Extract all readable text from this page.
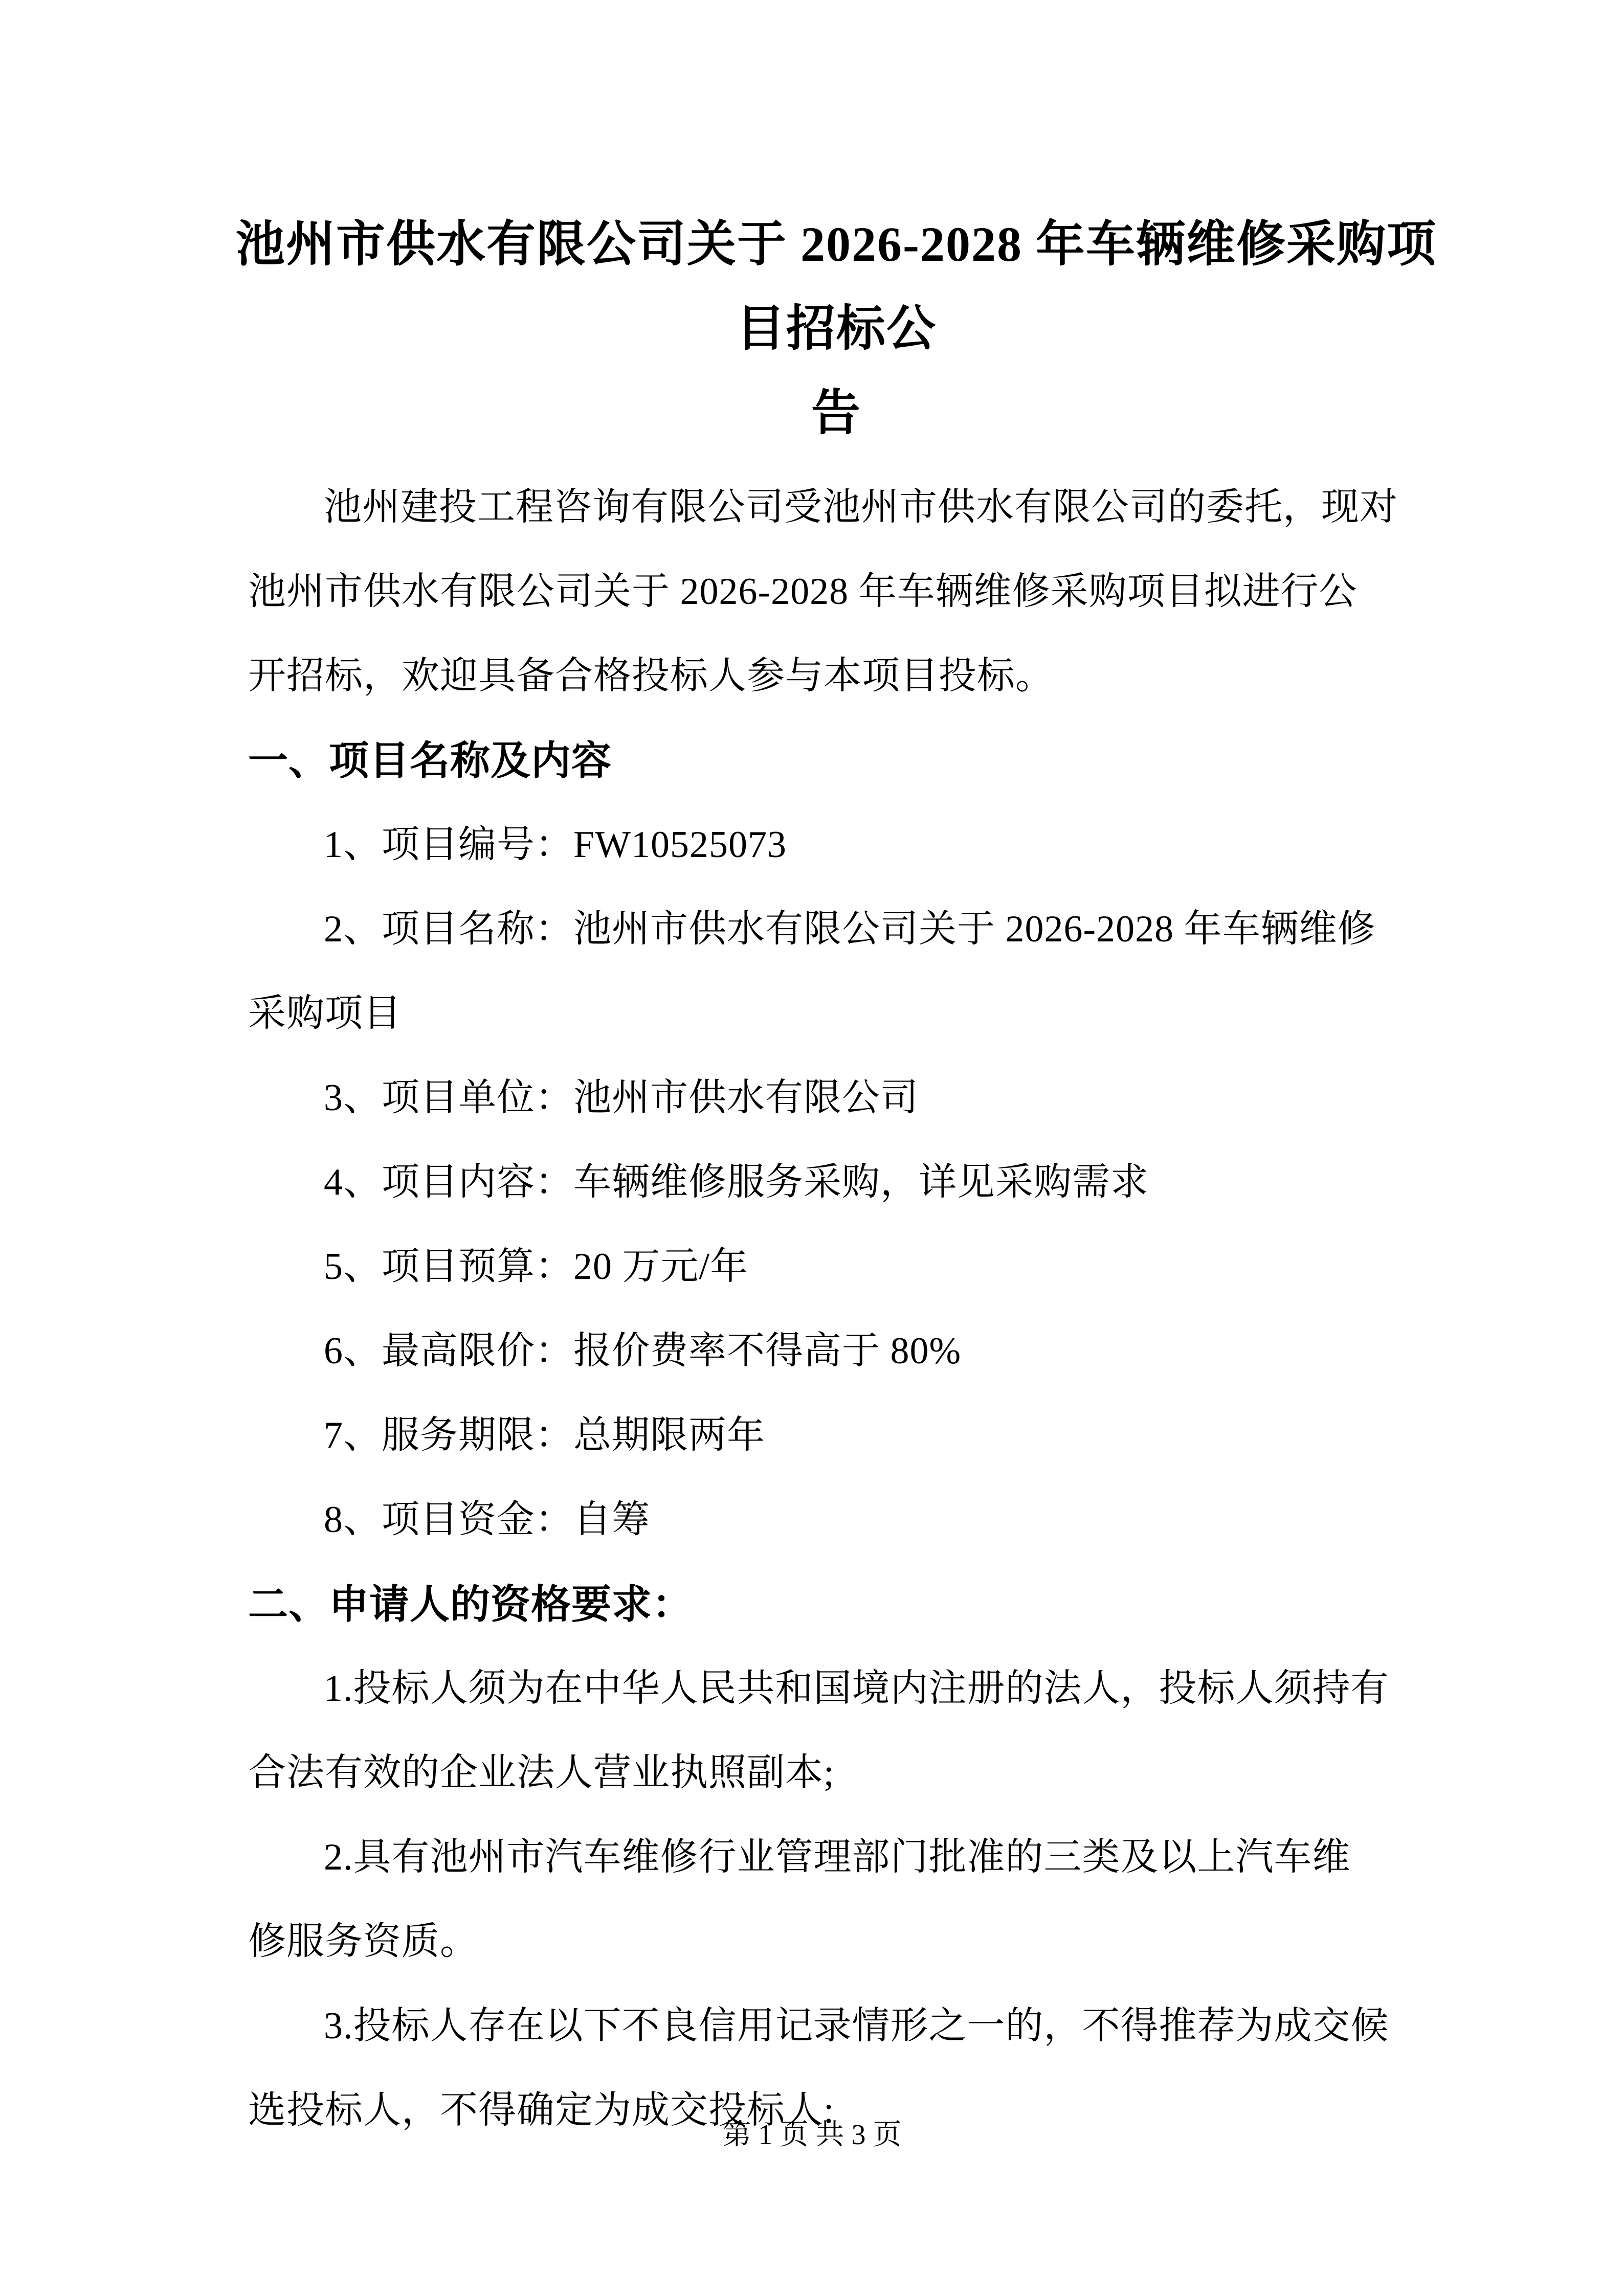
池州市供水有限公司关于 2026-2028 年车辆维修采购项目招标公
告
池州建投工程咨询有限公司受池州市供水有限公司的委托，现对
池州市供水有限公司关于 2026-2028 年车辆维修采购项目拟进行公
开招标，欢迎具备合格投标人参与本项目投标。
一、项目名称及内容
1、项目编号：FW10525073
2、项目名称：池州市供水有限公司关于 2026-2028 年车辆维修
采购项目
3、项目单位：池州市供水有限公司
4、项目内容：车辆维修服务采购，详见采购需求
5、项目预算：20 万元/年
6、最高限价：报价费率不得高于 80%
7、服务期限：总期限两年
8、项目资金：自筹
二、申请人的资格要求：
1.投标人须为在中华人民共和国境内注册的法人，投标人须持有
合法有效的企业法人营业执照副本;
2.具有池州市汽车维修行业管理部门批准的三类及以上汽车维
修服务资质。
3.投标人存在以下不良信用记录情形之一的，不得推荐为成交候
选投标人，不得确定为成交投标人:
第 1 页 共 3 页
